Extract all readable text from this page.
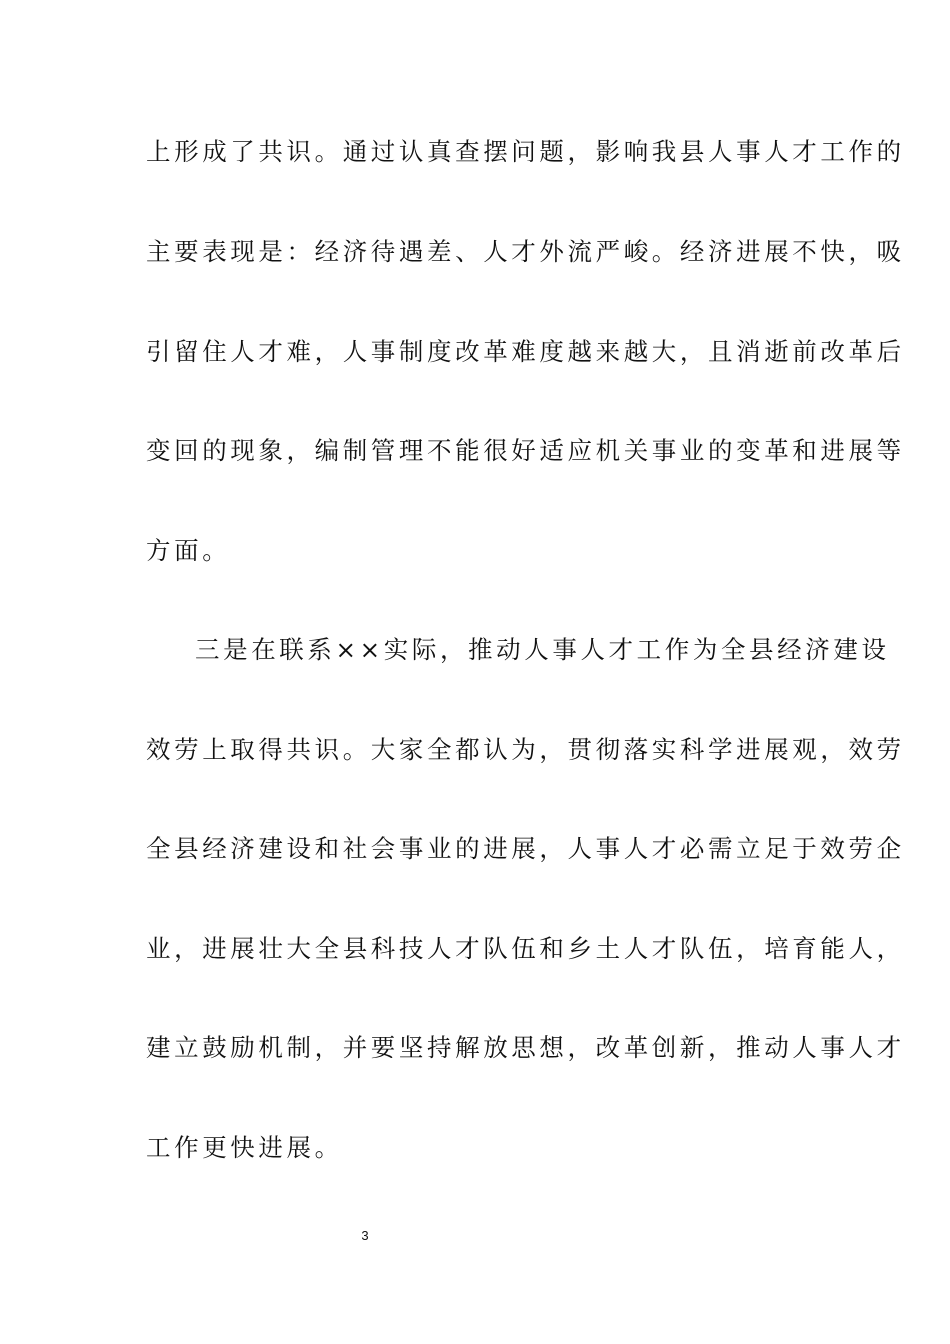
上形成了共识。通过认真查摆问题，影响我县人事人才工作的
主要表现是：经济待遇差、人才外流严峻。经济进展不快，吸
引留住人才难，人事制度改革难度越来越大，且消逝前改革后
变回的现象，编制管理不能很好适应机关事业的变革和进展等
方面。
三是在联系××实际，推动人事人才工作为全县经济建设
效劳上取得共识。大家全都认为，贯彻落实科学进展观，效劳
全县经济建设和社会事业的进展，人事人才必需立足于效劳企
业，进展壮大全县科技人才队伍和乡土人才队伍，培育能人，
建立鼓励机制，并要坚持解放思想，改革创新，推动人事人才
工作更快进展。
3
